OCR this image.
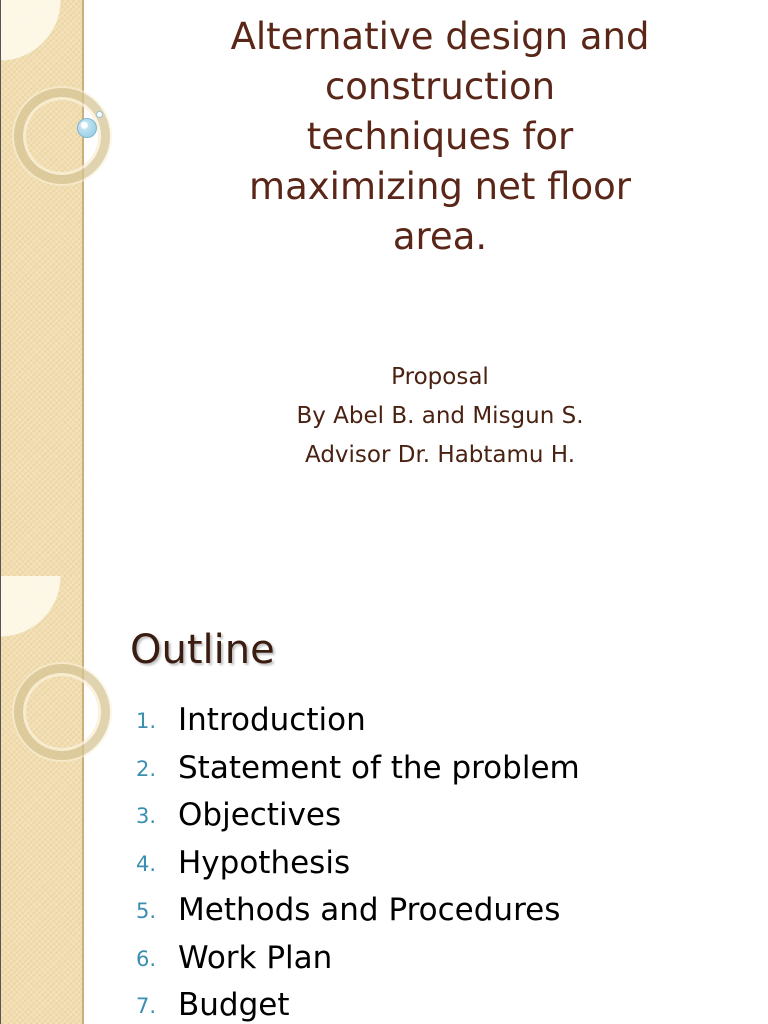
Alternative design and construction techniques for maximizing net floor area.
Proposal
By Abel B. and Misgun S.
Advisor Dr. Habtamu H.
Outline
1. Introduction
2. Statement of the problem
3. Objectives
4. Hypothesis
5. Methods and Procedures
6. Work Plan
7. Budget
